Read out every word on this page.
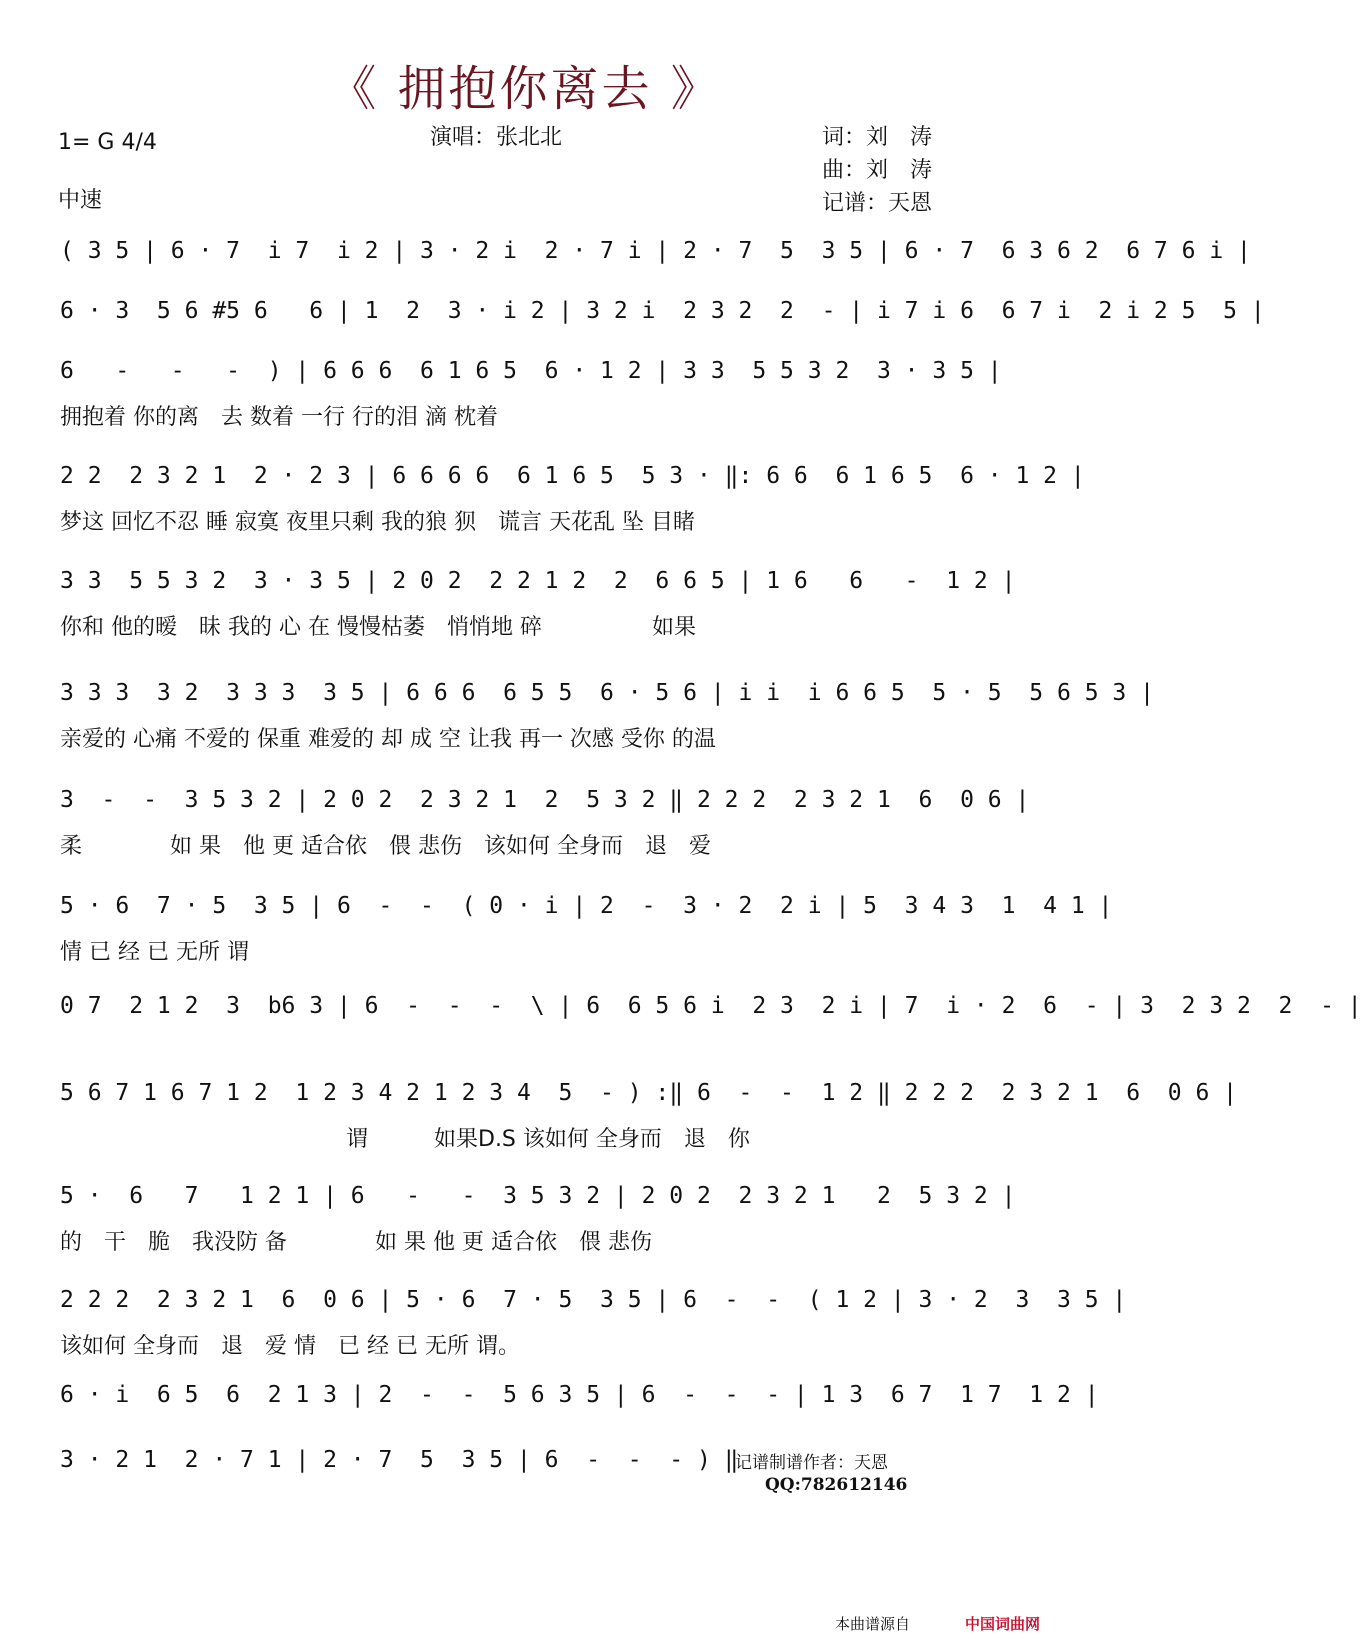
《 拥抱你离去 》
1= G 4/4
中速
演唱：张北北	词：刘　涛
曲：刘　涛
记谱：天恩
( 3 5 | 6 · 7  i 7  i 2 | 3 · 2 i  2 · 7 i | 2 · 7  5  3 5 | 6 · 7  6 3 6 2  6 7 6 i |
6 · 3  5 6 #5 6   6 | 1  2  3 · i 2 | 3 2 i  2 3 2  2  - | i 7 i 6  6 7 i  2 i 2 5  5 |
6   -   -   -  ) | 6 6 6  6 1 6 5  6 · 1 2 | 3 3  5 5 3 2  3 · 3 5 |
拥抱着 你的离　去 数着 一行 行的泪 滴 枕着
2 2  2 3 2 1  2 · 2 3 | 6 6 6 6  6 1 6 5  5 3 · ‖: 6 6  6 1 6 5  6 · 1 2 |
梦这 回忆不忍 睡 寂寞 夜里只剩 我的狼 狈　谎言 天花乱 坠 目睹
3 3  5 5 3 2  3 · 3 5 | 2 0 2  2 2 1 2  2  6 6 5 | 1 6   6   -  1 2 |
你和 他的暧　昧 我的 心 在 慢慢枯萎　悄悄地 碎　　　　　如果
3 3 3  3 2  3 3 3  3 5 | 6 6 6  6 5 5  6 · 5 6 | i i  i 6 6 5  5 · 5  5 6 5 3 |
亲爱的 心痛 不爱的 保重 难爱的 却 成 空 让我 再一 次感 受你 的温
3  -  -  3 5 3 2 | 2 0 2  2 3 2 1  2  5 3 2 ‖ 2 2 2  2 3 2 1  6  0 6 |
柔　　　　如 果　他 更 适合依　偎 悲伤　该如何 全身而　退　爱
5 · 6  7 · 5  3 5 | 6  -  -  ( 0 · i | 2  -  3 · 2  2 i | 5  3 4 3  1  4 1 |
情 已 经 已 无所 谓
0 7  2 1 2  3  b6 3 | 6  -  -  -  \ | 6  6 5 6 i  2 3  2 i | 7  i · 2  6  - | 3  2 3 2  2  - |
5 6 7 1 6 7 1 2  1 2 3 4 2 1 2 3 4  5  - ) :‖ 6  -  -  1 2 ‖ 2 2 2  2 3 2 1  6  0 6 |
　　　　　　　　　　　　　谓　　　如果D.S 该如何 全身而　退　你
5 ·  6   7   1 2 1 | 6   -   -  3 5 3 2 | 2 0 2  2 3 2 1   2  5 3 2 |
的　干　脆　我没防 备　　　　如 果 他 更 适合依　偎 悲伤
2 2 2  2 3 2 1  6  0 6 | 5 · 6  7 · 5  3 5 | 6  -  -  ( 1 2 | 3 · 2  3  3 5 |
该如何 全身而　退　爱 情　已 经 已 无所 谓。
6 · i  6 5  6  2 1 3 | 2  -  -  5 6 3 5 | 6  -  -  - | 1 3  6 7  1 7  1 2 |
3 · 2 1  2 · 7 1 | 2 · 7  5  3 5 | 6  -  -  - ) ‖
记谱制谱作者：天恩
QQ:782612146
本曲谱源自	中国词曲网
